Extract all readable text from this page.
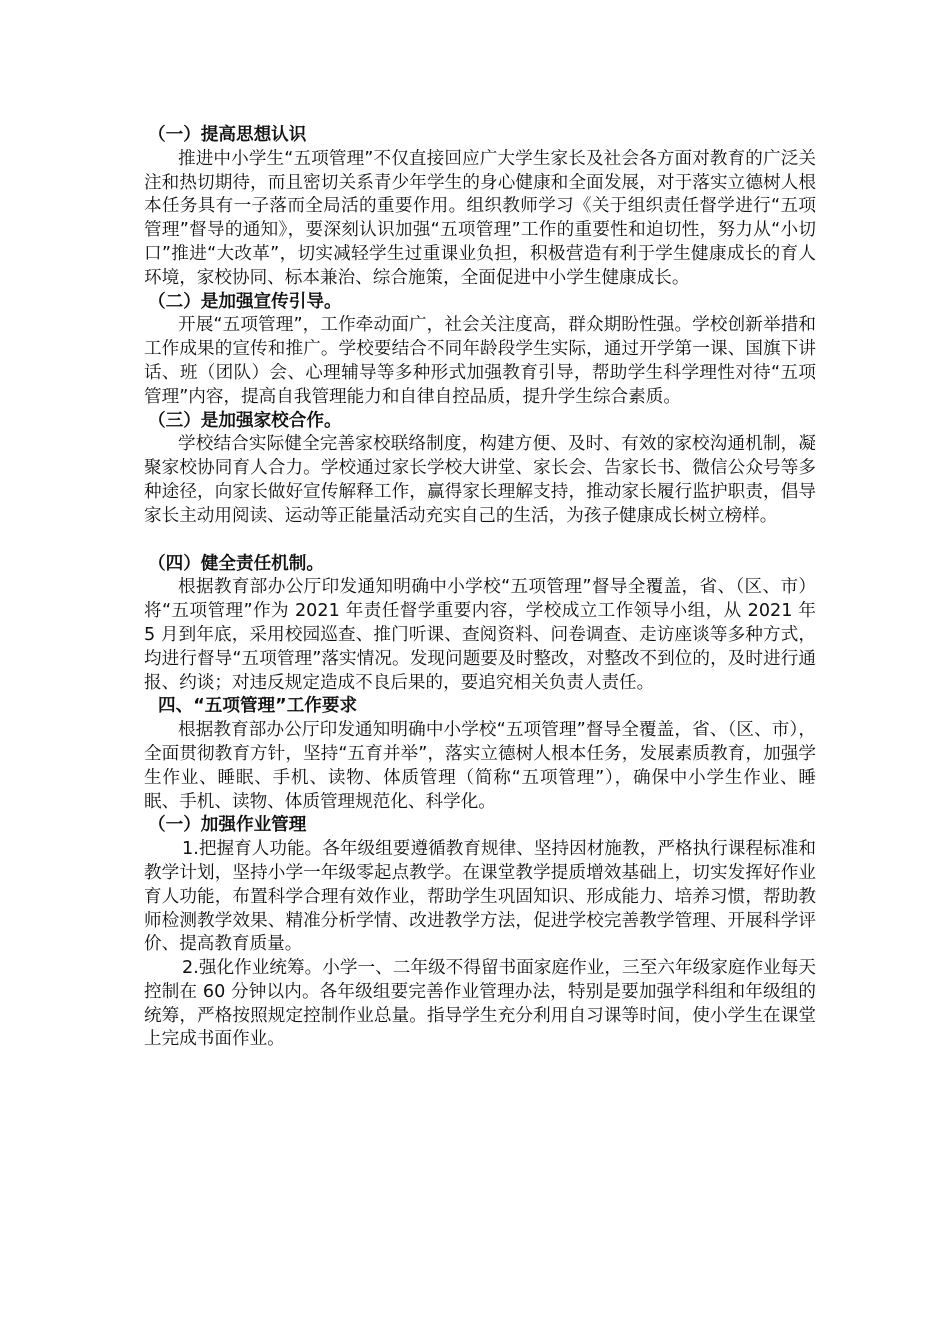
（一）提高思想认识

推进中小学生“五项管理”不仅直接回应广大学生家长及社会各方面对教育的广泛关注和热切期待，而且密切关系青少年学生的身心健康和全面发展，对于落实立德树人根本任务具有一子落而全局活的重要作用。组织教师学习《关于组织责任督学进行“五项管理”督导的通知》，要深刻认识加强“五项管理”工作的重要性和迫切性，努力从“小切口”推进“大改革”，切实减轻学生过重课业负担，积极营造有利于学生健康成长的育人环境，家校协同、标本兼治、综合施策，全面促进中小学生健康成长。

（二）是加强宣传引导。

开展“五项管理”，工作牵动面广，社会关注度高，群众期盼性强。学校创新举措和工作成果的宣传和推广。学校要结合不同年龄段学生实际，通过开学第一课、国旗下讲话、班（团队）会、心理辅导等多种形式加强教育引导，帮助学生科学理性对待“五项管理”内容，提高自我管理能力和自律自控品质，提升学生综合素质。

（三）是加强家校合作。

学校结合实际健全完善家校联络制度，构建方便、及时、有效的家校沟通机制，凝聚家校协同育人合力。学校通过家长学校大讲堂、家长会、告家长书、微信公众号等多种途径，向家长做好宣传解释工作，赢得家长理解支持，推动家长履行监护职责，倡导家长主动用阅读、运动等正能量活动充实自己的生活，为孩子健康成长树立榜样。

（四）健全责任机制。

根据教育部办公厅印发通知明确中小学校“五项管理”督导全覆盖，省、（区、市）将“五项管理”作为 2021 年责任督学重要内容，学校成立工作领导小组，从 2021 年 5 月到年底，采用校园巡查、推门听课、查阅资料、问卷调查、走访座谈等多种方式，均进行督导“五项管理”落实情况。发现问题要及时整改，对整改不到位的，及时进行通报、约谈；对违反规定造成不良后果的，要追究相关负责人责任。

四、“五项管理”工作要求

根据教育部办公厅印发通知明确中小学校“五项管理”督导全覆盖，省、（区、市），全面贯彻教育方针，坚持“五育并举”，落实立德树人根本任务，发展素质教育，加强学生作业、睡眠、手机、读物、体质管理（简称“五项管理”），确保中小学生作业、睡眠、手机、读物、体质管理规范化、科学化。

（一）加强作业管理

1.把握育人功能。各年级组要遵循教育规律、坚持因材施教，严格执行课程标准和教学计划，坚持小学一年级零起点教学。在课堂教学提质增效基础上，切实发挥好作业育人功能，布置科学合理有效作业，帮助学生巩固知识、形成能力、培养习惯，帮助教师检测教学效果、精准分析学情、改进教学方法，促进学校完善教学管理、开展科学评价、提高教育质量。

2.强化作业统筹。小学一、二年级不得留书面家庭作业，三至六年级家庭作业每天控制在 60 分钟以内。各年级组要完善作业管理办法，特别是要加强学科组和年级组的统筹，严格按照规定控制作业总量。指导学生充分利用自习课等时间，使小学生在课堂上完成书面作业。
